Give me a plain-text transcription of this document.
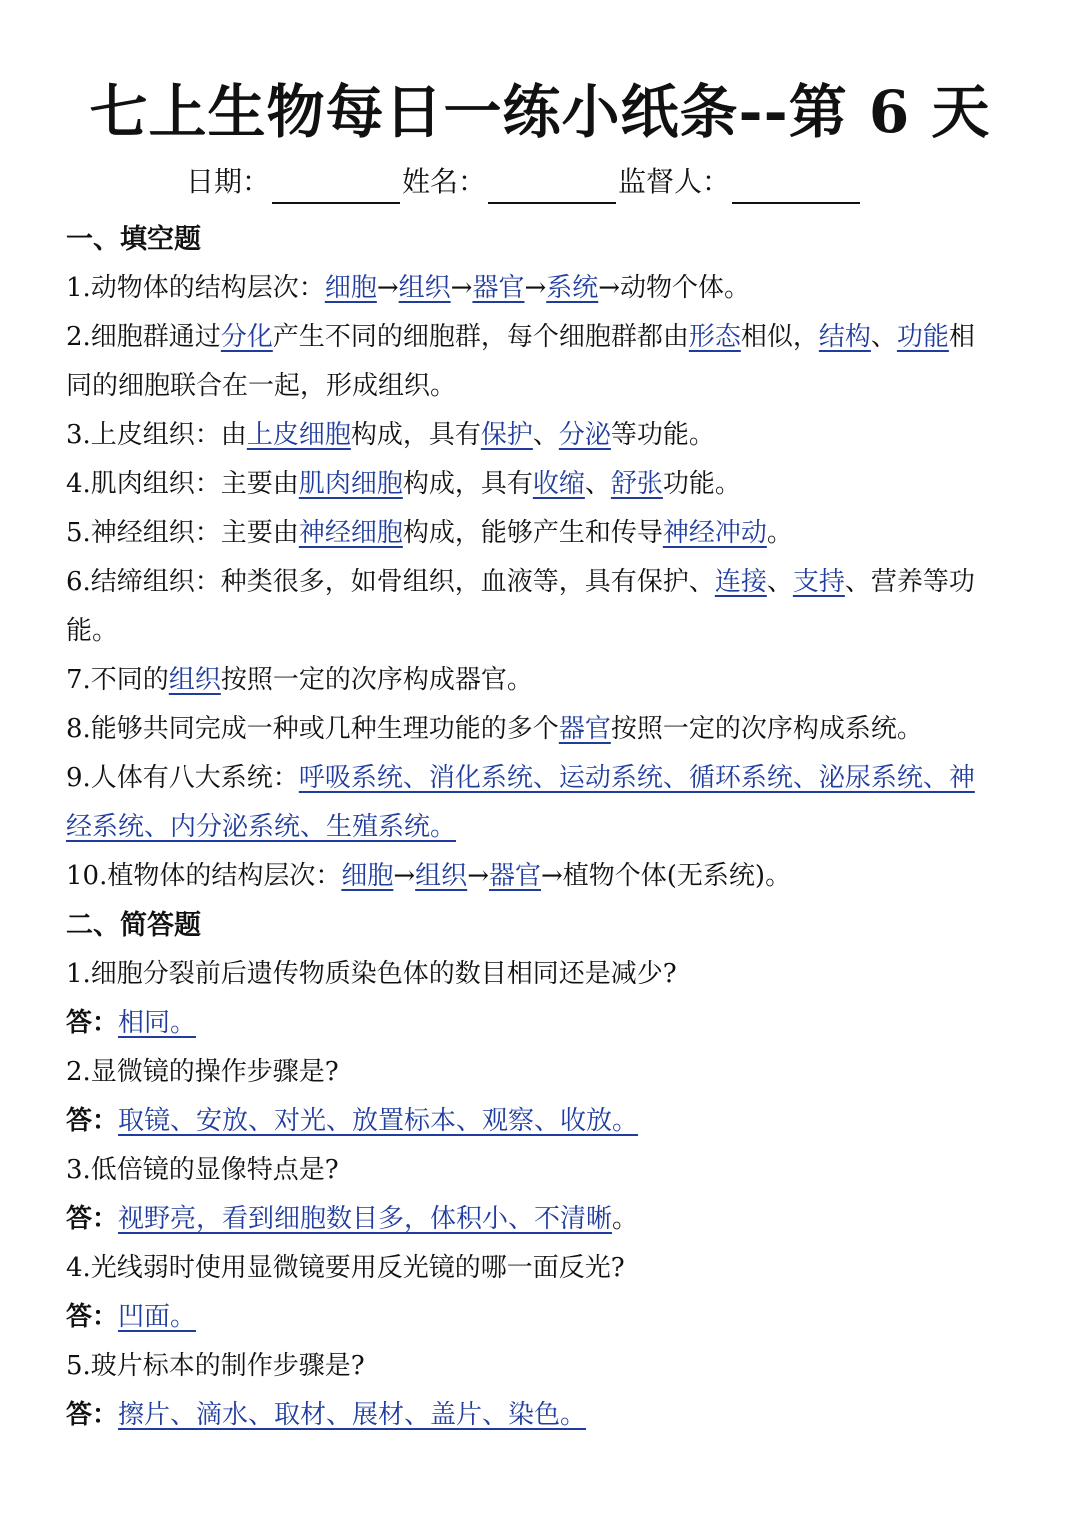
七上生物每日一练小纸条--第 6 天
日期：	姓名：	监督人：
一、填空题
1.动物体的结构层次：细胞→组织→器官→系统→动物个体。
2.细胞群通过分化产生不同的细胞群，每个细胞群都由形态相似，结构、功能相
同的细胞联合在一起，形成组织。
3.上皮组织：由上皮细胞构成，具有保护、分泌等功能。
4.肌肉组织：主要由肌肉细胞构成，具有收缩、舒张功能。
5.神经组织：主要由神经细胞构成，能够产生和传导神经冲动。
6.结缔组织：种类很多，如骨组织，血液等，具有保护、连接、支持、营养等功
能。
7.不同的组织按照一定的次序构成器官。
8.能够共同完成一种或几种生理功能的多个器官按照一定的次序构成系统。
9.人体有八大系统：呼吸系统、消化系统、运动系统、循环系统、泌尿系统、神
经系统、内分泌系统、生殖系统。
10.植物体的结构层次：细胞→组织→器官→植物个体(无系统)。
二、简答题
1.细胞分裂前后遗传物质染色体的数目相同还是减少?
答：相同。
2.显微镜的操作步骤是?
答：取镜、安放、对光、放置标本、观察、收放。
3.低倍镜的显像特点是?
答：视野亮，看到细胞数目多，体积小、不清晰。
4.光线弱时使用显微镜要用反光镜的哪一面反光?
答：凹面。
5.玻片标本的制作步骤是?
答：擦片、滴水、取材、展材、盖片、染色。
